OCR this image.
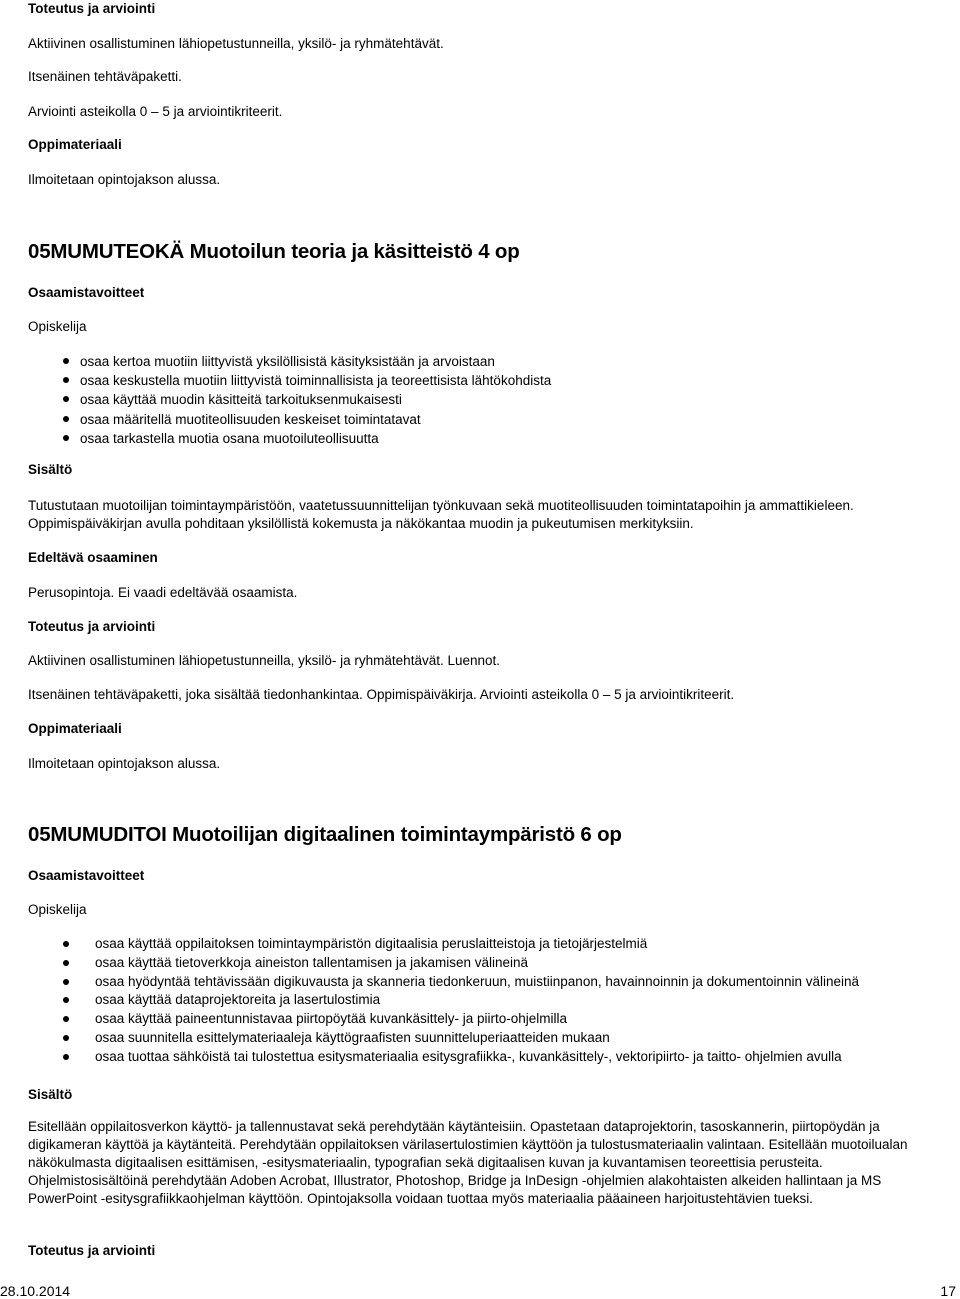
Toteutus ja arviointi
Aktiivinen osallistuminen lähiopetustunneilla, yksilö- ja ryhmätehtävät.
Itsenäinen tehtäväpaketti.
Arviointi asteikolla 0 – 5 ja arviointikriteerit.
Oppimateriaali
Ilmoitetaan opintojakson alussa.
05MUMUTEOKÄ Muotoilun teoria ja käsitteistö 4 op
Osaamistavoitteet
Opiskelija
osaa kertoa muotiin liittyvistä yksilöllisistä käsityksistään ja arvoistaan
osaa keskustella muotiin liittyvistä toiminnallisista ja teoreettisista lähtökohdista
osaa käyttää muodin käsitteitä tarkoituksenmukaisesti
osaa määritellä muotiteollisuuden keskeiset toimintatavat
osaa tarkastella muotia osana muotoiluteollisuutta
Sisältö
Tutustutaan muotoilijan toimintaympäristöön, vaatetussuunnittelijan työnkuvaan sekä muotiteollisuuden toimintatapoihin ja ammattikieleen. Oppimispäiväkirjan avulla pohditaan yksilöllistä kokemusta ja näkökantaa muodin ja pukeutumisen merkityksiin.
Edeltävä osaaminen
Perusopintoja. Ei vaadi edeltävää osaamista.
Toteutus ja arviointi
Aktiivinen osallistuminen lähiopetustunneilla, yksilö- ja ryhmätehtävät. Luennot.
Itsenäinen tehtäväpaketti, joka sisältää tiedonhankintaa. Oppimispäiväkirja. Arviointi asteikolla 0 – 5 ja arviointikriteerit.
Oppimateriaali
Ilmoitetaan opintojakson alussa.
05MUMUDITOI Muotoilijan digitaalinen toimintaympäristö 6 op
Osaamistavoitteet
Opiskelija
osaa käyttää oppilaitoksen toimintaympäristön digitaalisia peruslaitteistoja ja tietojärjestelmiä
osaa käyttää tietoverkkoja aineiston tallentamisen ja jakamisen välineinä
osaa hyödyntää tehtävissään digikuvausta ja skanneria tiedonkeruun, muistiinpanon, havainnoinnin ja dokumentoinnin välineinä
osaa käyttää dataprojektoreita ja lasertulostimia
osaa käyttää paineentunnistavaa piirtopöytää kuvankäsittely- ja piirto-ohjelmilla
osaa suunnitella esittelymateriaaleja käyttögraafisten suunnitteluperiaatteiden mukaan
osaa tuottaa sähköistä tai tulostettua esitysmateriaalia esitysgrafiikka-, kuvankäsittely-, vektoripiirto- ja taitto- ohjelmien avulla
Sisältö
Esitellään oppilaitosverkon käyttö- ja tallennustavat sekä perehdytään käytänteisiin. Opastetaan dataprojektorin, tasoskannerin, piirtopöydän ja digikameran käyttöä ja käytänteitä. Perehdytään oppilaitoksen värilasertulostimien käyttöön ja tulostusmateriaalin valintaan. Esitellään muotoilualan näkökulmasta digitaalisen esittämisen, -esitysmateriaalin, typografian sekä digitaalisen kuvan ja kuvantamisen teoreettisia perusteita. Ohjelmistosisältöinä perehdytään Adoben Acrobat, Illustrator, Photoshop, Bridge ja InDesign -ohjelmien alakohtaisten alkeiden hallintaan ja MS PowerPoint -esitysgrafiikkaohjelman käyttöön. Opintojaksolla voidaan tuottaa myös materiaalia pääaineen harjoitustehtävien tueksi.
Toteutus ja arviointi
28.10.2014	17
